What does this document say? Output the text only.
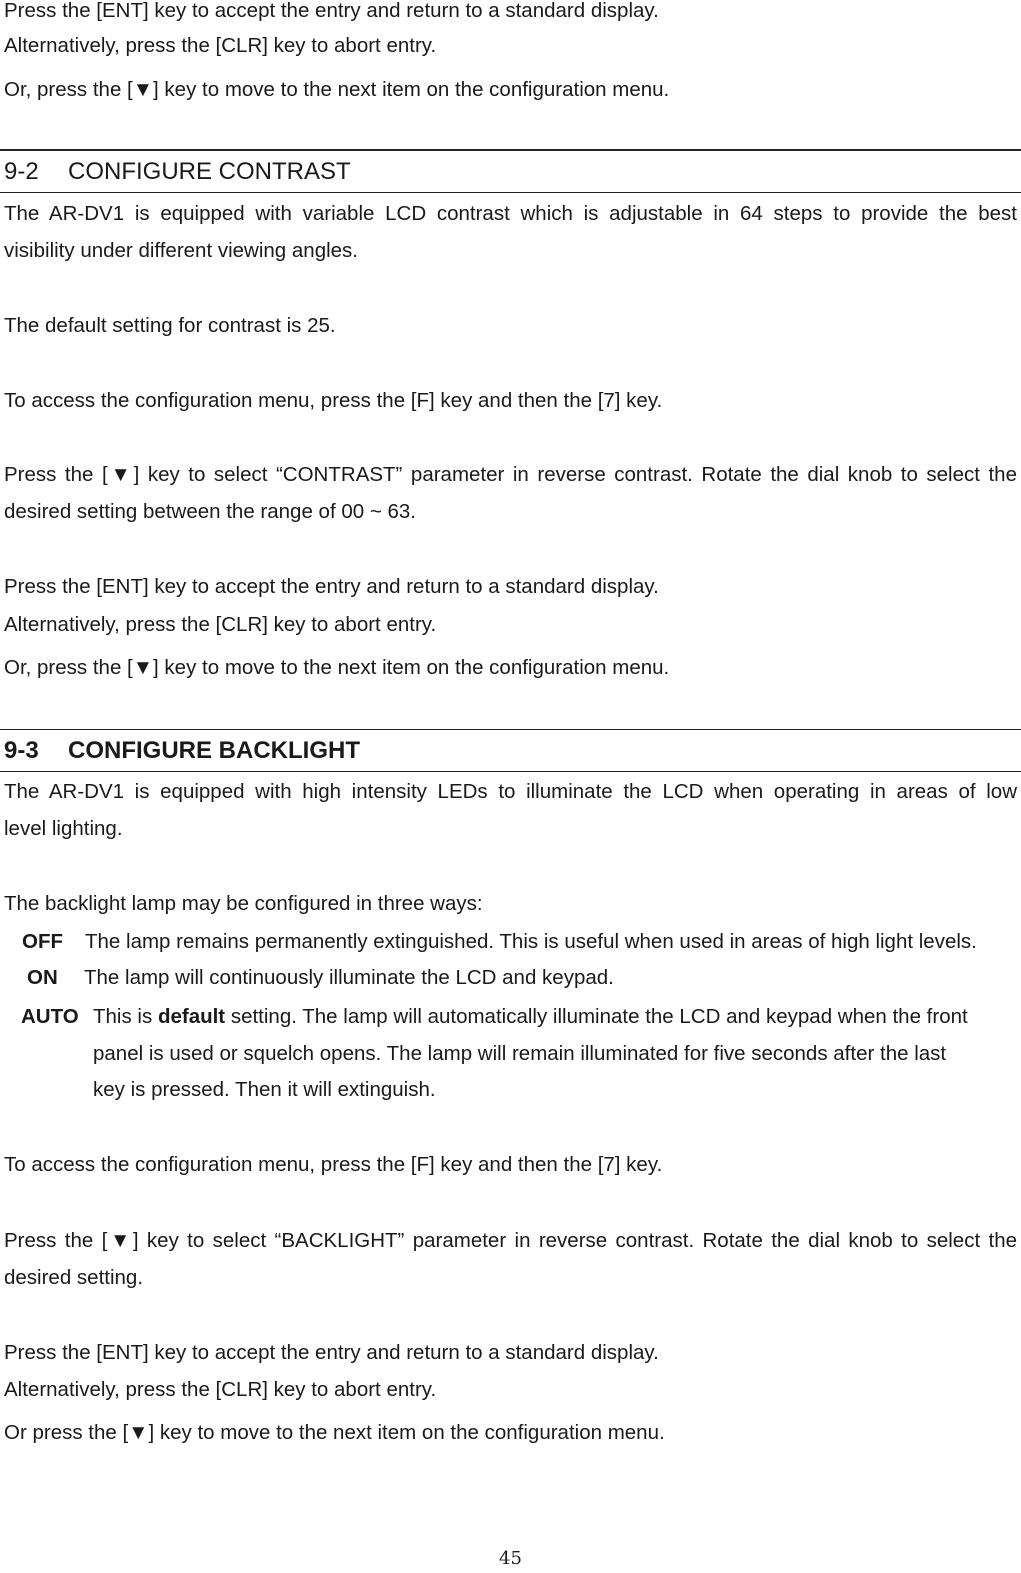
Press the [ENT] key to accept the entry and return to a standard display.
Alternatively, press the [CLR] key to abort entry.
Or, press the [▼] key to move to the next item on the configuration menu.
9-2 CONFIGURE CONTRAST
The AR-DV1 is equipped with variable LCD contrast which is adjustable in 64 steps to provide the best
visibility under different viewing angles.
The default setting for contrast is 25.
To access the configuration menu, press the [F] key and then the [7] key.
Press the [▼] key to select “CONTRAST” parameter in reverse contrast. Rotate the dial knob to select the
desired setting between the range of 00 ~ 63.
Press the [ENT] key to accept the entry and return to a standard display.
Alternatively, press the [CLR] key to abort entry.
Or, press the [▼] key to move to the next item on the configuration menu.
9-3 CONFIGURE BACKLIGHT
The AR-DV1 is equipped with high intensity LEDs to illuminate the LCD when operating in areas of low
level lighting.
The backlight lamp may be configured in three ways:
OFF The lamp remains permanently extinguished. This is useful when used in areas of high light levels.
ON The lamp will continuously illuminate the LCD and keypad.
AUTO This is default setting. The lamp will automatically illuminate the LCD and keypad when the front
panel is used or squelch opens. The lamp will remain illuminated for five seconds after the last
key is pressed. Then it will extinguish.
To access the configuration menu, press the [F] key and then the [7] key.
Press the [▼] key to select “BACKLIGHT” parameter in reverse contrast. Rotate the dial knob to select the
desired setting.
Press the [ENT] key to accept the entry and return to a standard display.
Alternatively, press the [CLR] key to abort entry.
Or press the [▼] key to move to the next item on the configuration menu.
45
